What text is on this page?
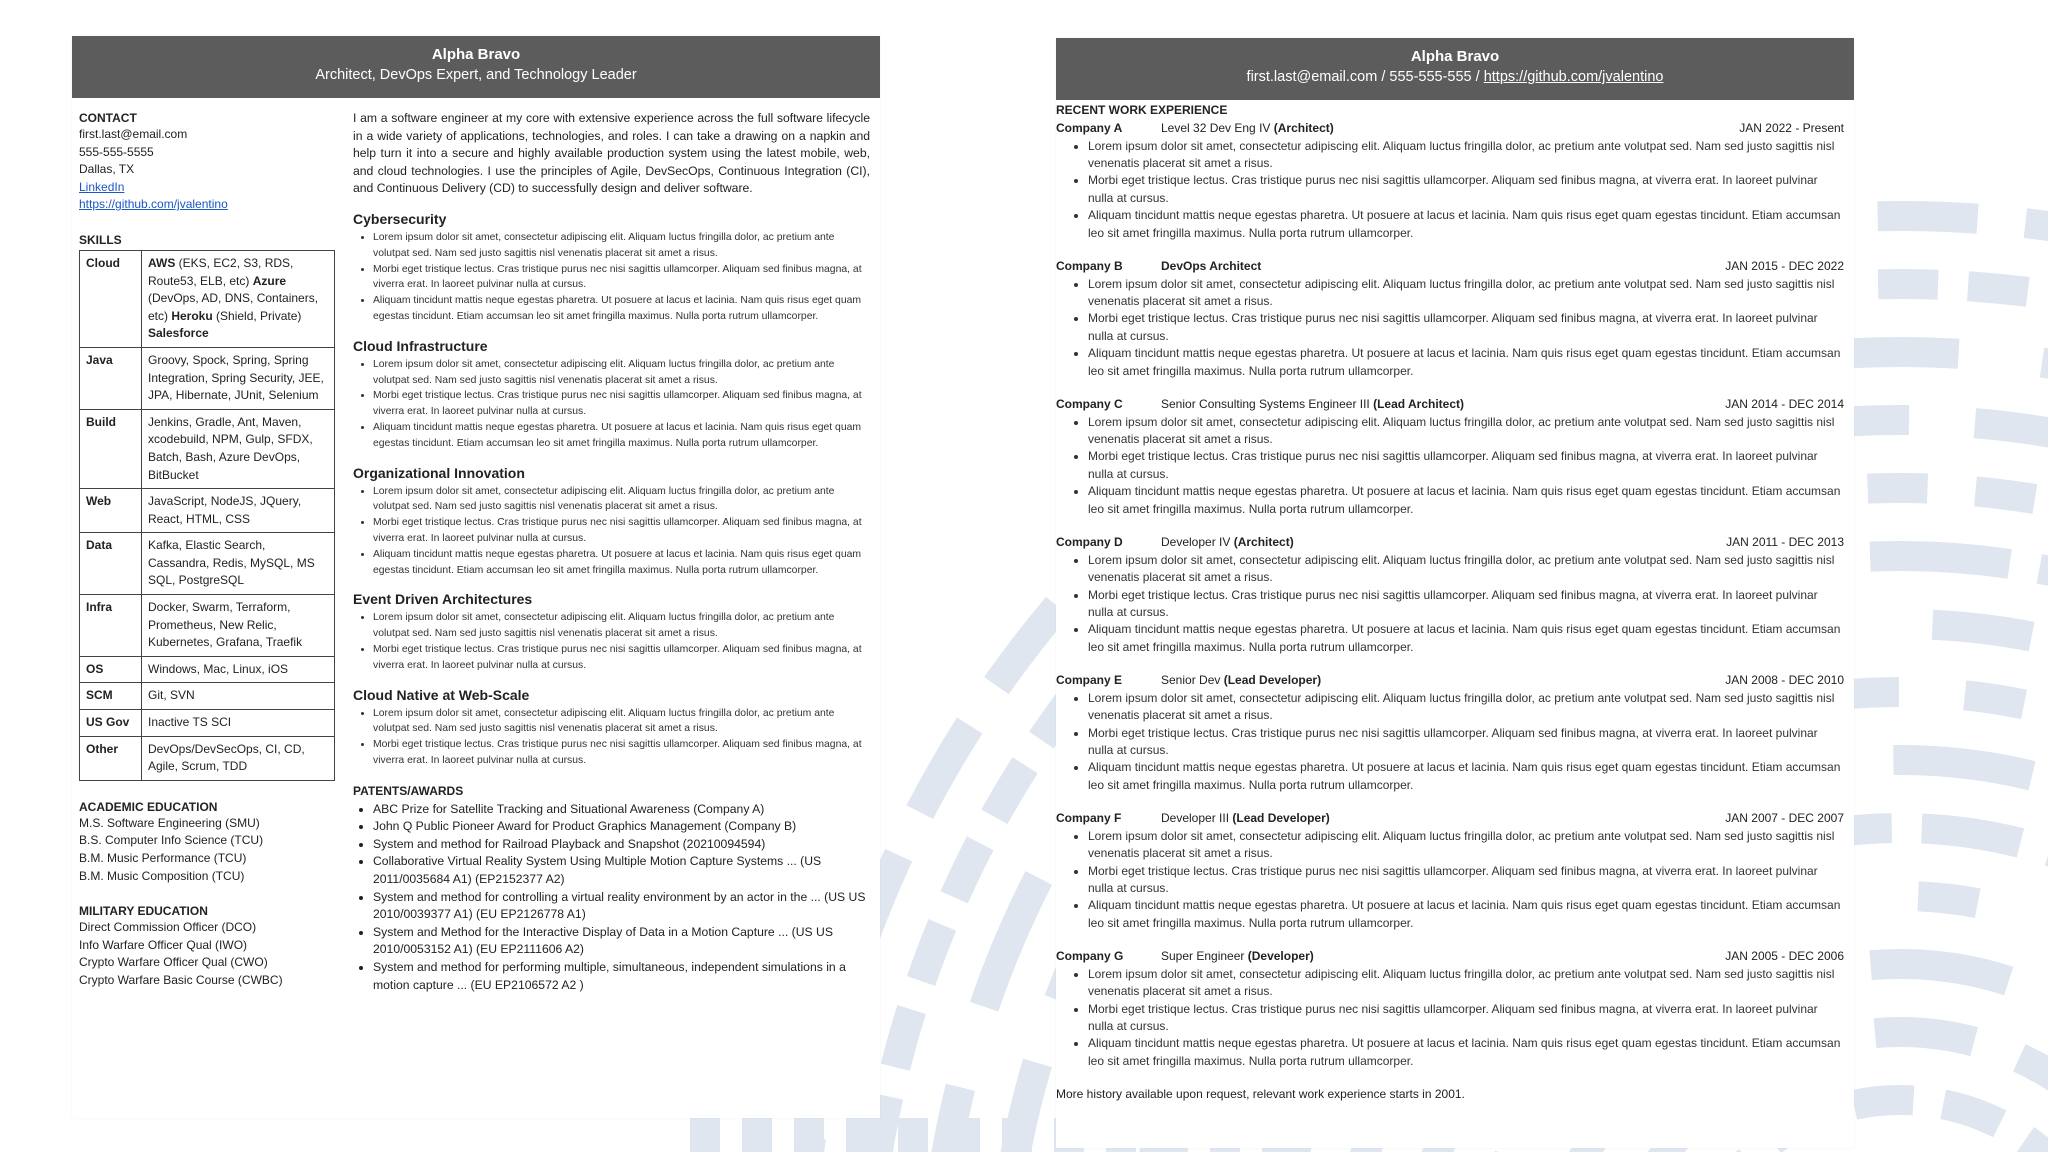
Alpha Bravo
Architect, DevOps Expert, and Technology Leader
CONTACT
first.last@email.com
555-555-5555
Dallas, TX
LinkedIn
https://github.com/jvalentino
SKILLS
Cloud	AWS (EKS, EC2, S3, RDS, Route53, ELB, etc) Azure (DevOps, AD, DNS, Containers, etc) Heroku (Shield, Private) Salesforce
Java	Groovy, Spock, Spring, Spring Integration, Spring Security, JEE, JPA, Hibernate, JUnit, Selenium
Build	Jenkins, Gradle, Ant, Maven, xcodebuild, NPM, Gulp, SFDX, Batch, Bash, Azure DevOps, BitBucket
Web	JavaScript, NodeJS, JQuery, React, HTML, CSS
Data	Kafka, Elastic Search, Cassandra, Redis, MySQL, MS SQL, PostgreSQL
Infra	Docker, Swarm, Terraform, Prometheus, New Relic, Kubernetes, Grafana, Traefik
OS	Windows, Mac, Linux, iOS
SCM	Git, SVN
US Gov	Inactive TS SCI
Other	DevOps/DevSecOps, CI, CD, Agile, Scrum, TDD
ACADEMIC EDUCATION
M.S. Software Engineering (SMU)
B.S. Computer Info Science (TCU)
B.M. Music Performance (TCU)
B.M. Music Composition (TCU)
MILITARY EDUCATION
Direct Commission Officer (DCO)
Info Warfare Officer Qual (IWO)
Crypto Warfare Officer Qual (CWO)
Crypto Warfare Basic Course (CWBC)

I am a software engineer at my core with extensive experience across the full software lifecycle in a wide variety of applications, technologies, and roles. I can take a drawing on a napkin and help turn it into a secure and highly available production system using the latest mobile, web, and cloud technologies. I use the principles of Agile, DevSecOps, Continuous Integration (CI), and Continuous Delivery (CD) to successfully design and deliver software.

Cybersecurity
• Lorem ipsum dolor sit amet, consectetur adipiscing elit. Aliquam luctus fringilla dolor, ac pretium ante volutpat sed. Nam sed justo sagittis nisl venenatis placerat sit amet a risus.
• Morbi eget tristique lectus. Cras tristique purus nec nisi sagittis ullamcorper. Aliquam sed finibus magna, at viverra erat. In laoreet pulvinar nulla at cursus.
• Aliquam tincidunt mattis neque egestas pharetra. Ut posuere at lacus et lacinia. Nam quis risus eget quam egestas tincidunt. Etiam accumsan leo sit amet fringilla maximus. Nulla porta rutrum ullamcorper.
Cloud Infrastructure
• Lorem ipsum dolor sit amet, consectetur adipiscing elit. Aliquam luctus fringilla dolor, ac pretium ante volutpat sed. Nam sed justo sagittis nisl venenatis placerat sit amet a risus.
• Morbi eget tristique lectus. Cras tristique purus nec nisi sagittis ullamcorper. Aliquam sed finibus magna, at viverra erat. In laoreet pulvinar nulla at cursus.
• Aliquam tincidunt mattis neque egestas pharetra. Ut posuere at lacus et lacinia. Nam quis risus eget quam egestas tincidunt. Etiam accumsan leo sit amet fringilla maximus. Nulla porta rutrum ullamcorper.
Organizational Innovation
• Lorem ipsum dolor sit amet, consectetur adipiscing elit. Aliquam luctus fringilla dolor, ac pretium ante volutpat sed. Nam sed justo sagittis nisl venenatis placerat sit amet a risus.
• Morbi eget tristique lectus. Cras tristique purus nec nisi sagittis ullamcorper. Aliquam sed finibus magna, at viverra erat. In laoreet pulvinar nulla at cursus.
• Aliquam tincidunt mattis neque egestas pharetra. Ut posuere at lacus et lacinia. Nam quis risus eget quam egestas tincidunt. Etiam accumsan leo sit amet fringilla maximus. Nulla porta rutrum ullamcorper.
Event Driven Architectures
• Lorem ipsum dolor sit amet, consectetur adipiscing elit. Aliquam luctus fringilla dolor, ac pretium ante volutpat sed. Nam sed justo sagittis nisl venenatis placerat sit amet a risus.
• Morbi eget tristique lectus. Cras tristique purus nec nisi sagittis ullamcorper. Aliquam sed finibus magna, at viverra erat. In laoreet pulvinar nulla at cursus.
Cloud Native at Web-Scale
• Lorem ipsum dolor sit amet, consectetur adipiscing elit. Aliquam luctus fringilla dolor, ac pretium ante volutpat sed. Nam sed justo sagittis nisl venenatis placerat sit amet a risus.
• Morbi eget tristique lectus. Cras tristique purus nec nisi sagittis ullamcorper. Aliquam sed finibus magna, at viverra erat. In laoreet pulvinar nulla at cursus.
PATENTS/AWARDS
• ABC Prize for Satellite Tracking and Situational Awareness (Company A)
• John Q Public Pioneer Award for Product Graphics Management (Company B)
• System and method for Railroad Playback and Snapshot (20210094594)
• Collaborative Virtual Reality System Using Multiple Motion Capture Systems ... (US 2011/0035684 A1) (EP2152377 A2)
• System and method for controlling a virtual reality environment by an actor in the ... (US US 2010/0039377 A1) (EU EP2126778 A1)
• System and Method for the Interactive Display of Data in a Motion Capture ... (US US 2010/0053152 A1) (EU EP2111606 A2)
• System and method for performing multiple, simultaneous, independent simulations in a motion capture ... (EU EP2106572 A2 )
Alpha Bravo
first.last@email.com / 555-555-555 / https://github.com/jvalentino
RECENT WORK EXPERIENCE
Company A	Level 32 Dev Eng IV (Architect)	JAN 2022 - Present
• Lorem ipsum dolor sit amet, consectetur adipiscing elit. Aliquam luctus fringilla dolor, ac pretium ante volutpat sed. Nam sed justo sagittis nisl venenatis placerat sit amet a risus.
• Morbi eget tristique lectus. Cras tristique purus nec nisi sagittis ullamcorper. Aliquam sed finibus magna, at viverra erat. In laoreet pulvinar nulla at cursus.
• Aliquam tincidunt mattis neque egestas pharetra. Ut posuere at lacus et lacinia. Nam quis risus eget quam egestas tincidunt. Etiam accumsan leo sit amet fringilla maximus. Nulla porta rutrum ullamcorper.
Company B	DevOps Architect	JAN 2015 - DEC 2022
• Lorem ipsum dolor sit amet, consectetur adipiscing elit. Aliquam luctus fringilla dolor, ac pretium ante volutpat sed. Nam sed justo sagittis nisl venenatis placerat sit amet a risus.
• Morbi eget tristique lectus. Cras tristique purus nec nisi sagittis ullamcorper. Aliquam sed finibus magna, at viverra erat. In laoreet pulvinar nulla at cursus.
• Aliquam tincidunt mattis neque egestas pharetra. Ut posuere at lacus et lacinia. Nam quis risus eget quam egestas tincidunt. Etiam accumsan leo sit amet fringilla maximus. Nulla porta rutrum ullamcorper.
Company C	Senior Consulting Systems Engineer III (Lead Architect)	JAN 2014 - DEC 2014
• Lorem ipsum dolor sit amet, consectetur adipiscing elit. Aliquam luctus fringilla dolor, ac pretium ante volutpat sed. Nam sed justo sagittis nisl venenatis placerat sit amet a risus.
• Morbi eget tristique lectus. Cras tristique purus nec nisi sagittis ullamcorper. Aliquam sed finibus magna, at viverra erat. In laoreet pulvinar nulla at cursus.
• Aliquam tincidunt mattis neque egestas pharetra. Ut posuere at lacus et lacinia. Nam quis risus eget quam egestas tincidunt. Etiam accumsan leo sit amet fringilla maximus. Nulla porta rutrum ullamcorper.
Company D	Developer IV (Architect)	JAN 2011 - DEC 2013
• Lorem ipsum dolor sit amet, consectetur adipiscing elit. Aliquam luctus fringilla dolor, ac pretium ante volutpat sed. Nam sed justo sagittis nisl venenatis placerat sit amet a risus.
• Morbi eget tristique lectus. Cras tristique purus nec nisi sagittis ullamcorper. Aliquam sed finibus magna, at viverra erat. In laoreet pulvinar nulla at cursus.
• Aliquam tincidunt mattis neque egestas pharetra. Ut posuere at lacus et lacinia. Nam quis risus eget quam egestas tincidunt. Etiam accumsan leo sit amet fringilla maximus. Nulla porta rutrum ullamcorper.
Company E	Senior Dev (Lead Developer)	JAN 2008 - DEC 2010
• Lorem ipsum dolor sit amet, consectetur adipiscing elit. Aliquam luctus fringilla dolor, ac pretium ante volutpat sed. Nam sed justo sagittis nisl venenatis placerat sit amet a risus.
• Morbi eget tristique lectus. Cras tristique purus nec nisi sagittis ullamcorper. Aliquam sed finibus magna, at viverra erat. In laoreet pulvinar nulla at cursus.
• Aliquam tincidunt mattis neque egestas pharetra. Ut posuere at lacus et lacinia. Nam quis risus eget quam egestas tincidunt. Etiam accumsan leo sit amet fringilla maximus. Nulla porta rutrum ullamcorper.
Company F	Developer III (Lead Developer)	JAN 2007 - DEC 2007
• Lorem ipsum dolor sit amet, consectetur adipiscing elit. Aliquam luctus fringilla dolor, ac pretium ante volutpat sed. Nam sed justo sagittis nisl venenatis placerat sit amet a risus.
• Morbi eget tristique lectus. Cras tristique purus nec nisi sagittis ullamcorper. Aliquam sed finibus magna, at viverra erat. In laoreet pulvinar nulla at cursus.
• Aliquam tincidunt mattis neque egestas pharetra. Ut posuere at lacus et lacinia. Nam quis risus eget quam egestas tincidunt. Etiam accumsan leo sit amet fringilla maximus. Nulla porta rutrum ullamcorper.
Company G	Super Engineer (Developer)	JAN 2005 - DEC 2006
• Lorem ipsum dolor sit amet, consectetur adipiscing elit. Aliquam luctus fringilla dolor, ac pretium ante volutpat sed. Nam sed justo sagittis nisl venenatis placerat sit amet a risus.
• Morbi eget tristique lectus. Cras tristique purus nec nisi sagittis ullamcorper. Aliquam sed finibus magna, at viverra erat. In laoreet pulvinar nulla at cursus.
• Aliquam tincidunt mattis neque egestas pharetra. Ut posuere at lacus et lacinia. Nam quis risus eget quam egestas tincidunt. Etiam accumsan leo sit amet fringilla maximus. Nulla porta rutrum ullamcorper.
More history available upon request, relevant work experience starts in 2001.
